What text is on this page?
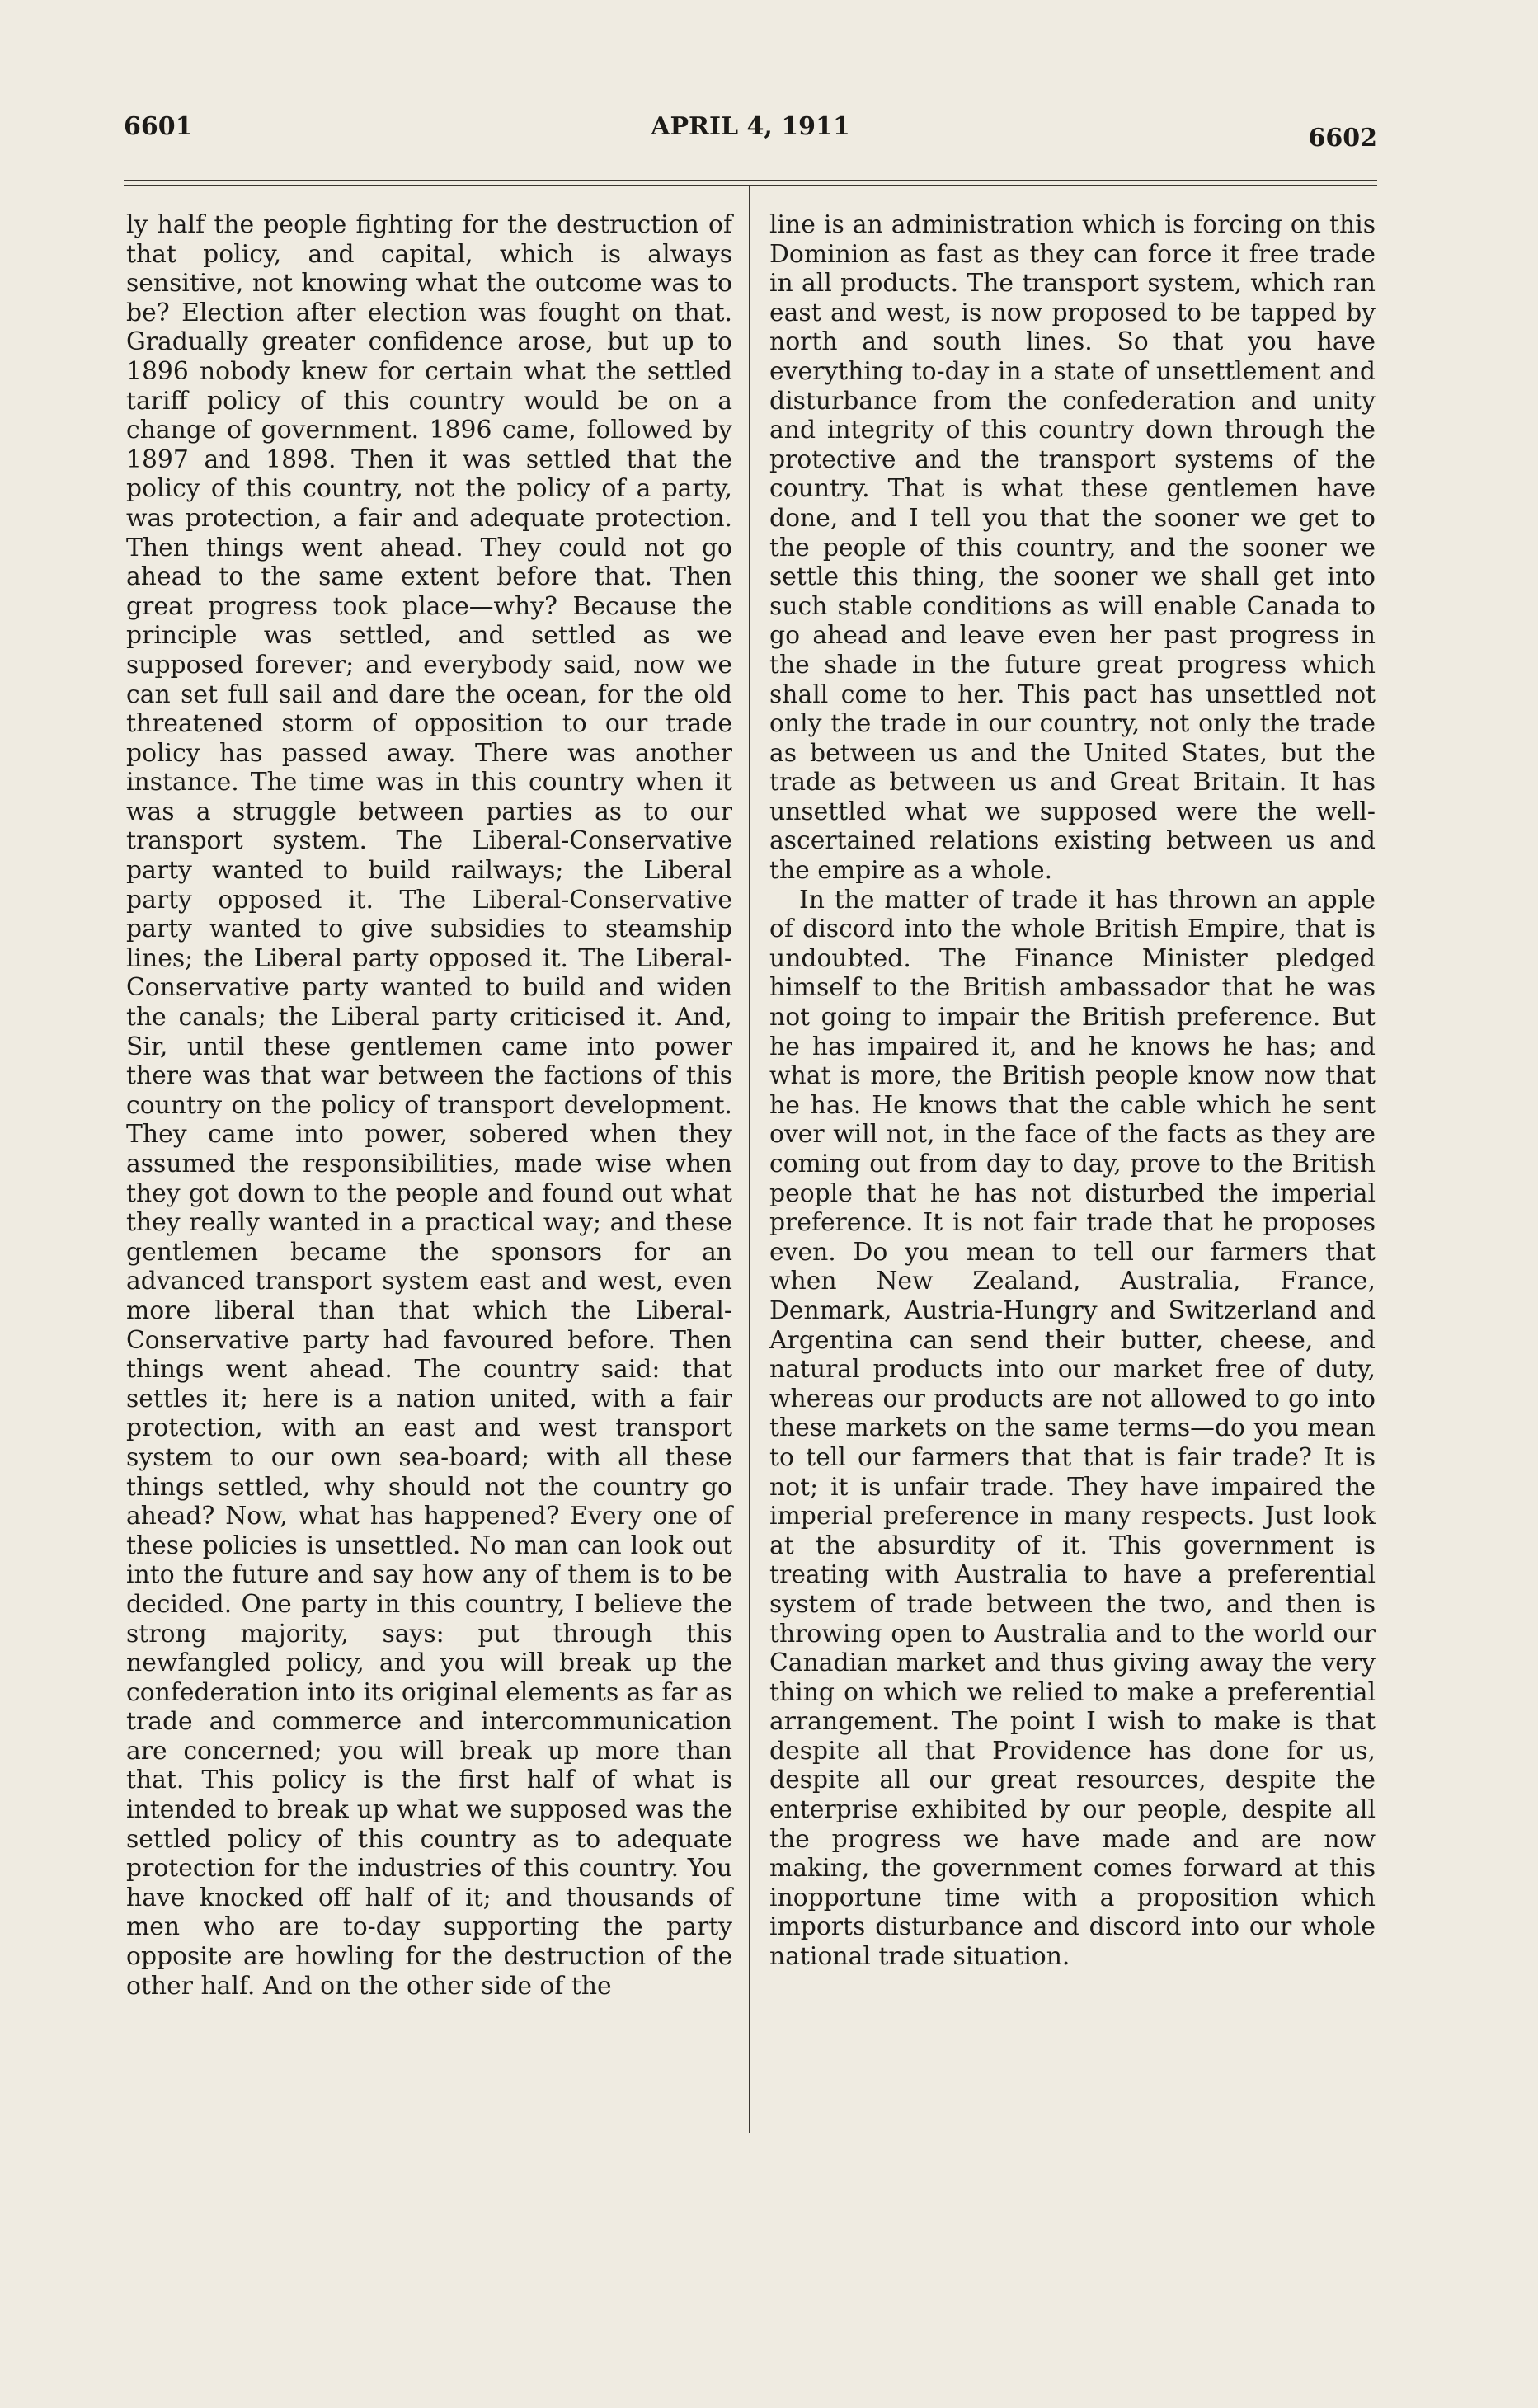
6601	APRIL 4, 1911	6602

ly half the people fighting for the destruction of that policy, and capital, which is always sensitive, not knowing what the outcome was to be? Election after election was fought on that. Gradually greater confidence arose, but up to 1896 nobody knew for certain what the settled tariff policy of this country would be on a change of government. 1896 came, followed by 1897 and 1898. Then it was settled that the policy of this country, not the policy of a party, was protection, a fair and adequate protection. Then things went ahead. They could not go ahead to the same extent before that. Then great progress took place—why? Because the principle was settled, and settled as we supposed forever; and everybody said, now we can set full sail and dare the ocean, for the old threatened storm of opposition to our trade policy has passed away. There was another instance. The time was in this country when it was a struggle between parties as to our transport system. The Liberal-Conservative party wanted to build railways; the Liberal party opposed it. The Liberal-Conservative party wanted to give subsidies to steamship lines; the Liberal party opposed it. The Liberal-Conservative party wanted to build and widen the canals; the Liberal party criticised it. And, Sir, until these gentlemen came into power there was that war between the factions of this country on the policy of transport development. They came into power, sobered when they assumed the responsibilities, made wise when they got down to the people and found out what they really wanted in a practical way; and these gentlemen became the sponsors for an advanced transport system east and west, even more liberal than that which the Liberal-Conservative party had favoured before. Then things went ahead. The country said: that settles it; here is a nation united, with a fair protection, with an east and west transport system to our own sea-board; with all these things settled, why should not the country go ahead? Now, what has happened? Every one of these policies is unsettled. No man can look out into the future and say how any of them is to be decided. One party in this country, I believe the strong majority, says: put through this newfangled policy, and you will break up the confederation into its original elements as far as trade and commerce and intercommunication are concerned; you will break up more than that. This policy is the first half of what is intended to break up what we supposed was the settled policy of this country as to adequate protection for the industries of this country. You have knocked off half of it; and thousands of men who are to-day supporting the party opposite are howling for the destruction of the other half. And on the other side of the

line is an administration which is forcing on this Dominion as fast as they can force it free trade in all products. The transport system, which ran east and west, is now proposed to be tapped by north and south lines. So that you have everything to-day in a state of unsettlement and disturbance from the confederation and unity and integrity of this country down through the protective and the transport systems of the country. That is what these gentlemen have done, and I tell you that the sooner we get to the people of this country, and the sooner we settle this thing, the sooner we shall get into such stable conditions as will enable Canada to go ahead and leave even her past progress in the shade in the future great progress which shall come to her. This pact has unsettled not only the trade in our country, not only the trade as between us and the United States, but the trade as between us and Great Britain. It has unsettled what we supposed were the well-ascertained relations existing between us and the empire as a whole.

In the matter of trade it has thrown an apple of discord into the whole British Empire, that is undoubted. The Finance Minister pledged himself to the British ambassador that he was not going to impair the British preference. But he has impaired it, and he knows he has; and what is more, the British people know now that he has. He knows that the cable which he sent over will not, in the face of the facts as they are coming out from day to day, prove to the British people that he has not disturbed the imperial preference. It is not fair trade that he proposes even. Do you mean to tell our farmers that when New Zealand, Australia, France, Denmark, Austria-Hungry and Switzerland and Argentina can send their butter, cheese, and natural products into our market free of duty, whereas our products are not allowed to go into these markets on the same terms—do you mean to tell our farmers that that is fair trade? It is not; it is unfair trade. They have impaired the imperial preference in many respects. Just look at the absurdity of it. This government is treating with Australia to have a preferential system of trade between the two, and then is throwing open to Australia and to the world our Canadian market and thus giving away the very thing on which we relied to make a preferential arrangement. The point I wish to make is that despite all that Providence has done for us, despite all our great resources, despite the enterprise exhibited by our people, despite all the progress we have made and are now making, the government comes forward at this inopportune time with a proposition which imports disturbance and discord into our whole national trade situation.
